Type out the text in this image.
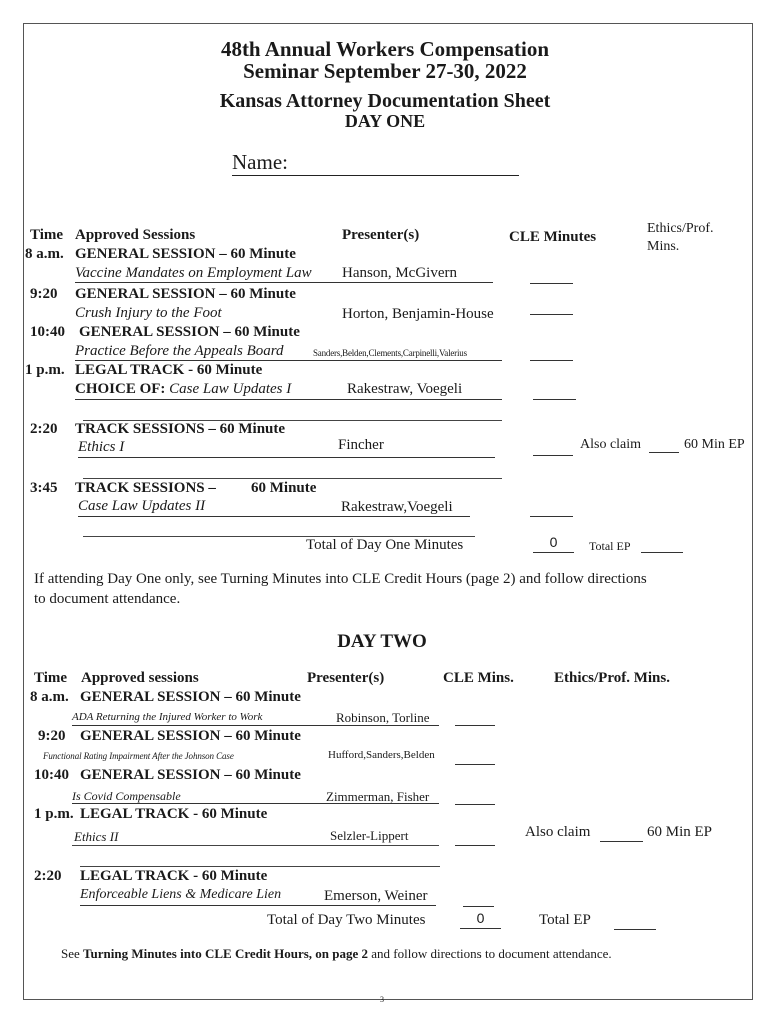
48th Annual Workers Compensation
Seminar September 27-30, 2022
Kansas Attorney Documentation Sheet
DAY ONE
Name:
Time Approved Sessions	Presenter(s)	CLE Minutes
Ethics/Prof. Mins.
8 a.m. GENERAL SESSION – 60 Minute
Vaccine Mandates on Employment Law	Hanson, McGivern
9:20 GENERAL SESSION – 60 Minute
Crush Injury to the Foot	Horton, Benjamin-House
10:40 GENERAL SESSION – 60 Minute
Practice Before the Appeals Board	Sanders,Belden,Clements,Carpinelli,Valerius
1 p.m. LEGAL TRACK - 60 Minute
CHOICE OF: Case Law Updates I	Rakestraw, Voegeli
2:20 TRACK SESSIONS – 60 Minute
Ethics I	Fincher	Also claim	60 Min EP
3:45 TRACK SESSIONS – 60 Minute
Case Law Updates II	Rakestraw,Voegeli
Total of Day One Minutes	0	Total EP
If attending Day One only, see Turning Minutes into CLE Credit Hours (page 2) and follow directions
to document attendance.
DAY TWO
Time Approved sessions	Presenter(s)	CLE Mins.	Ethics/Prof. Mins.
8 a.m. GENERAL SESSION – 60 Minute
ADA Returning the Injured Worker to Work	Robinson, Torline
9:20 GENERAL SESSION – 60 Minute
Functional Rating Impairment After the Johnson Case	Hufford,Sanders,Belden
10:40 GENERAL SESSION – 60 Minute
Is Covid Compensable	Zimmerman, Fisher
1 p.m. LEGAL TRACK - 60 Minute
Ethics II	Selzler-Lippert	Also claim	60 Min EP
2:20 LEGAL TRACK - 60 Minute
Enforceable Liens & Medicare Lien	Emerson, Weiner
Total of Day Two Minutes	0	Total EP
See Turning Minutes into CLE Credit Hours, on page 2 and follow directions to document attendance.
3
